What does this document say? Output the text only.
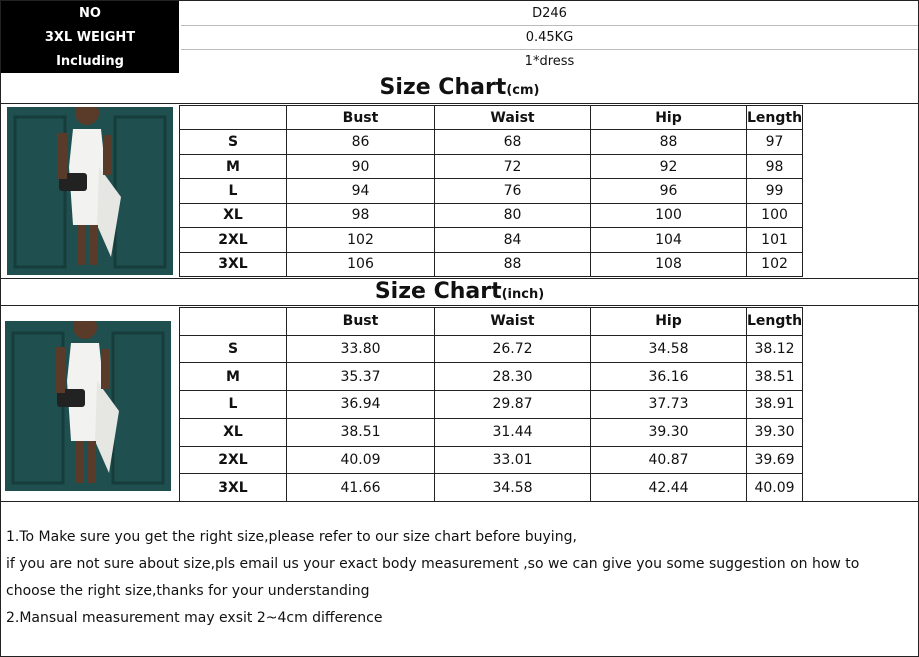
NO	D246
3XL WEIGHT	0.45KG
Including	1*dress
Size Chart (cm)
	Bust	Waist	Hip	Length
S	86	68	88	97
M	90	72	92	98
L	94	76	96	99
XL	98	80	100	100
2XL	102	84	104	101
3XL	106	88	108	102
Size Chart (inch)
	Bust	Waist	Hip	Length
S	33.80	26.72	34.58	38.12
M	35.37	28.30	36.16	38.51
L	36.94	29.87	37.73	38.91
XL	38.51	31.44	39.30	39.30
2XL	40.09	33.01	40.87	39.69
3XL	41.66	34.58	42.44	40.09

1.To Make sure you get the right size,please refer to our size chart before buying,

if you are not sure about size,pls email us your exact body measurement ,so we can give you some suggestion on how to

choose the right size,thanks for your understanding

2.Mansual measurement may exsit 2~4cm difference
